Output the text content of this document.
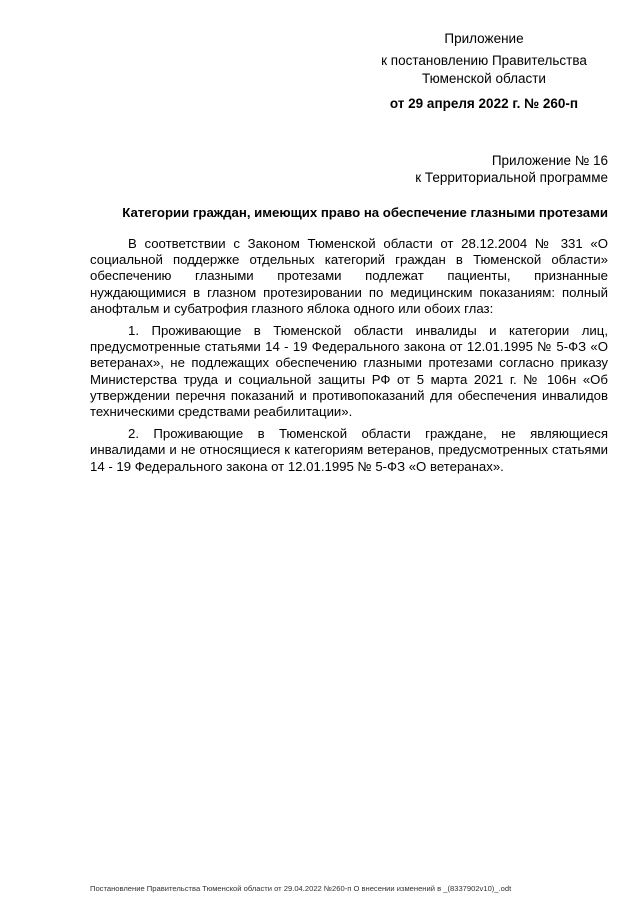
Приложение
к постановлению Правительства
Тюменской области
от 29 апреля 2022 г. № 260-п
Приложение № 16
к Территориальной программе
Категории граждан, имеющих право на обеспечение глазными протезами

В соответствии с Законом Тюменской области от 28.12.2004 № 331 «О социальной поддержке отдельных категорий граждан в Тюменской области» обеспечению глазными протезами подлежат пациенты, признанные нуждающимися в глазном протезировании по медицинским показаниям: полный анофтальм и субатрофия глазного яблока одного или обоих глаз:

1. Проживающие в Тюменской области инвалиды и категории лиц, предусмотренные статьями 14 - 19 Федерального закона от 12.01.1995 № 5-ФЗ «О ветеранах», не подлежащих обеспечению глазными протезами согласно приказу Министерства труда и социальной защиты РФ от 5 марта 2021 г. № 106н «Об утверждении перечня показаний и противопоказаний для обеспечения инвалидов техническими средствами реабилитации».

2. Проживающие в Тюменской области граждане, не являющиеся инвалидами и не относящиеся к категориям ветеранов, предусмотренных статьями 14 - 19 Федерального закона от 12.01.1995 № 5-ФЗ «О ветеранах».

Постановление Правительства Тюменской области от 29.04.2022 №260-п О внесении изменений в _(8337902v10)_.odt
